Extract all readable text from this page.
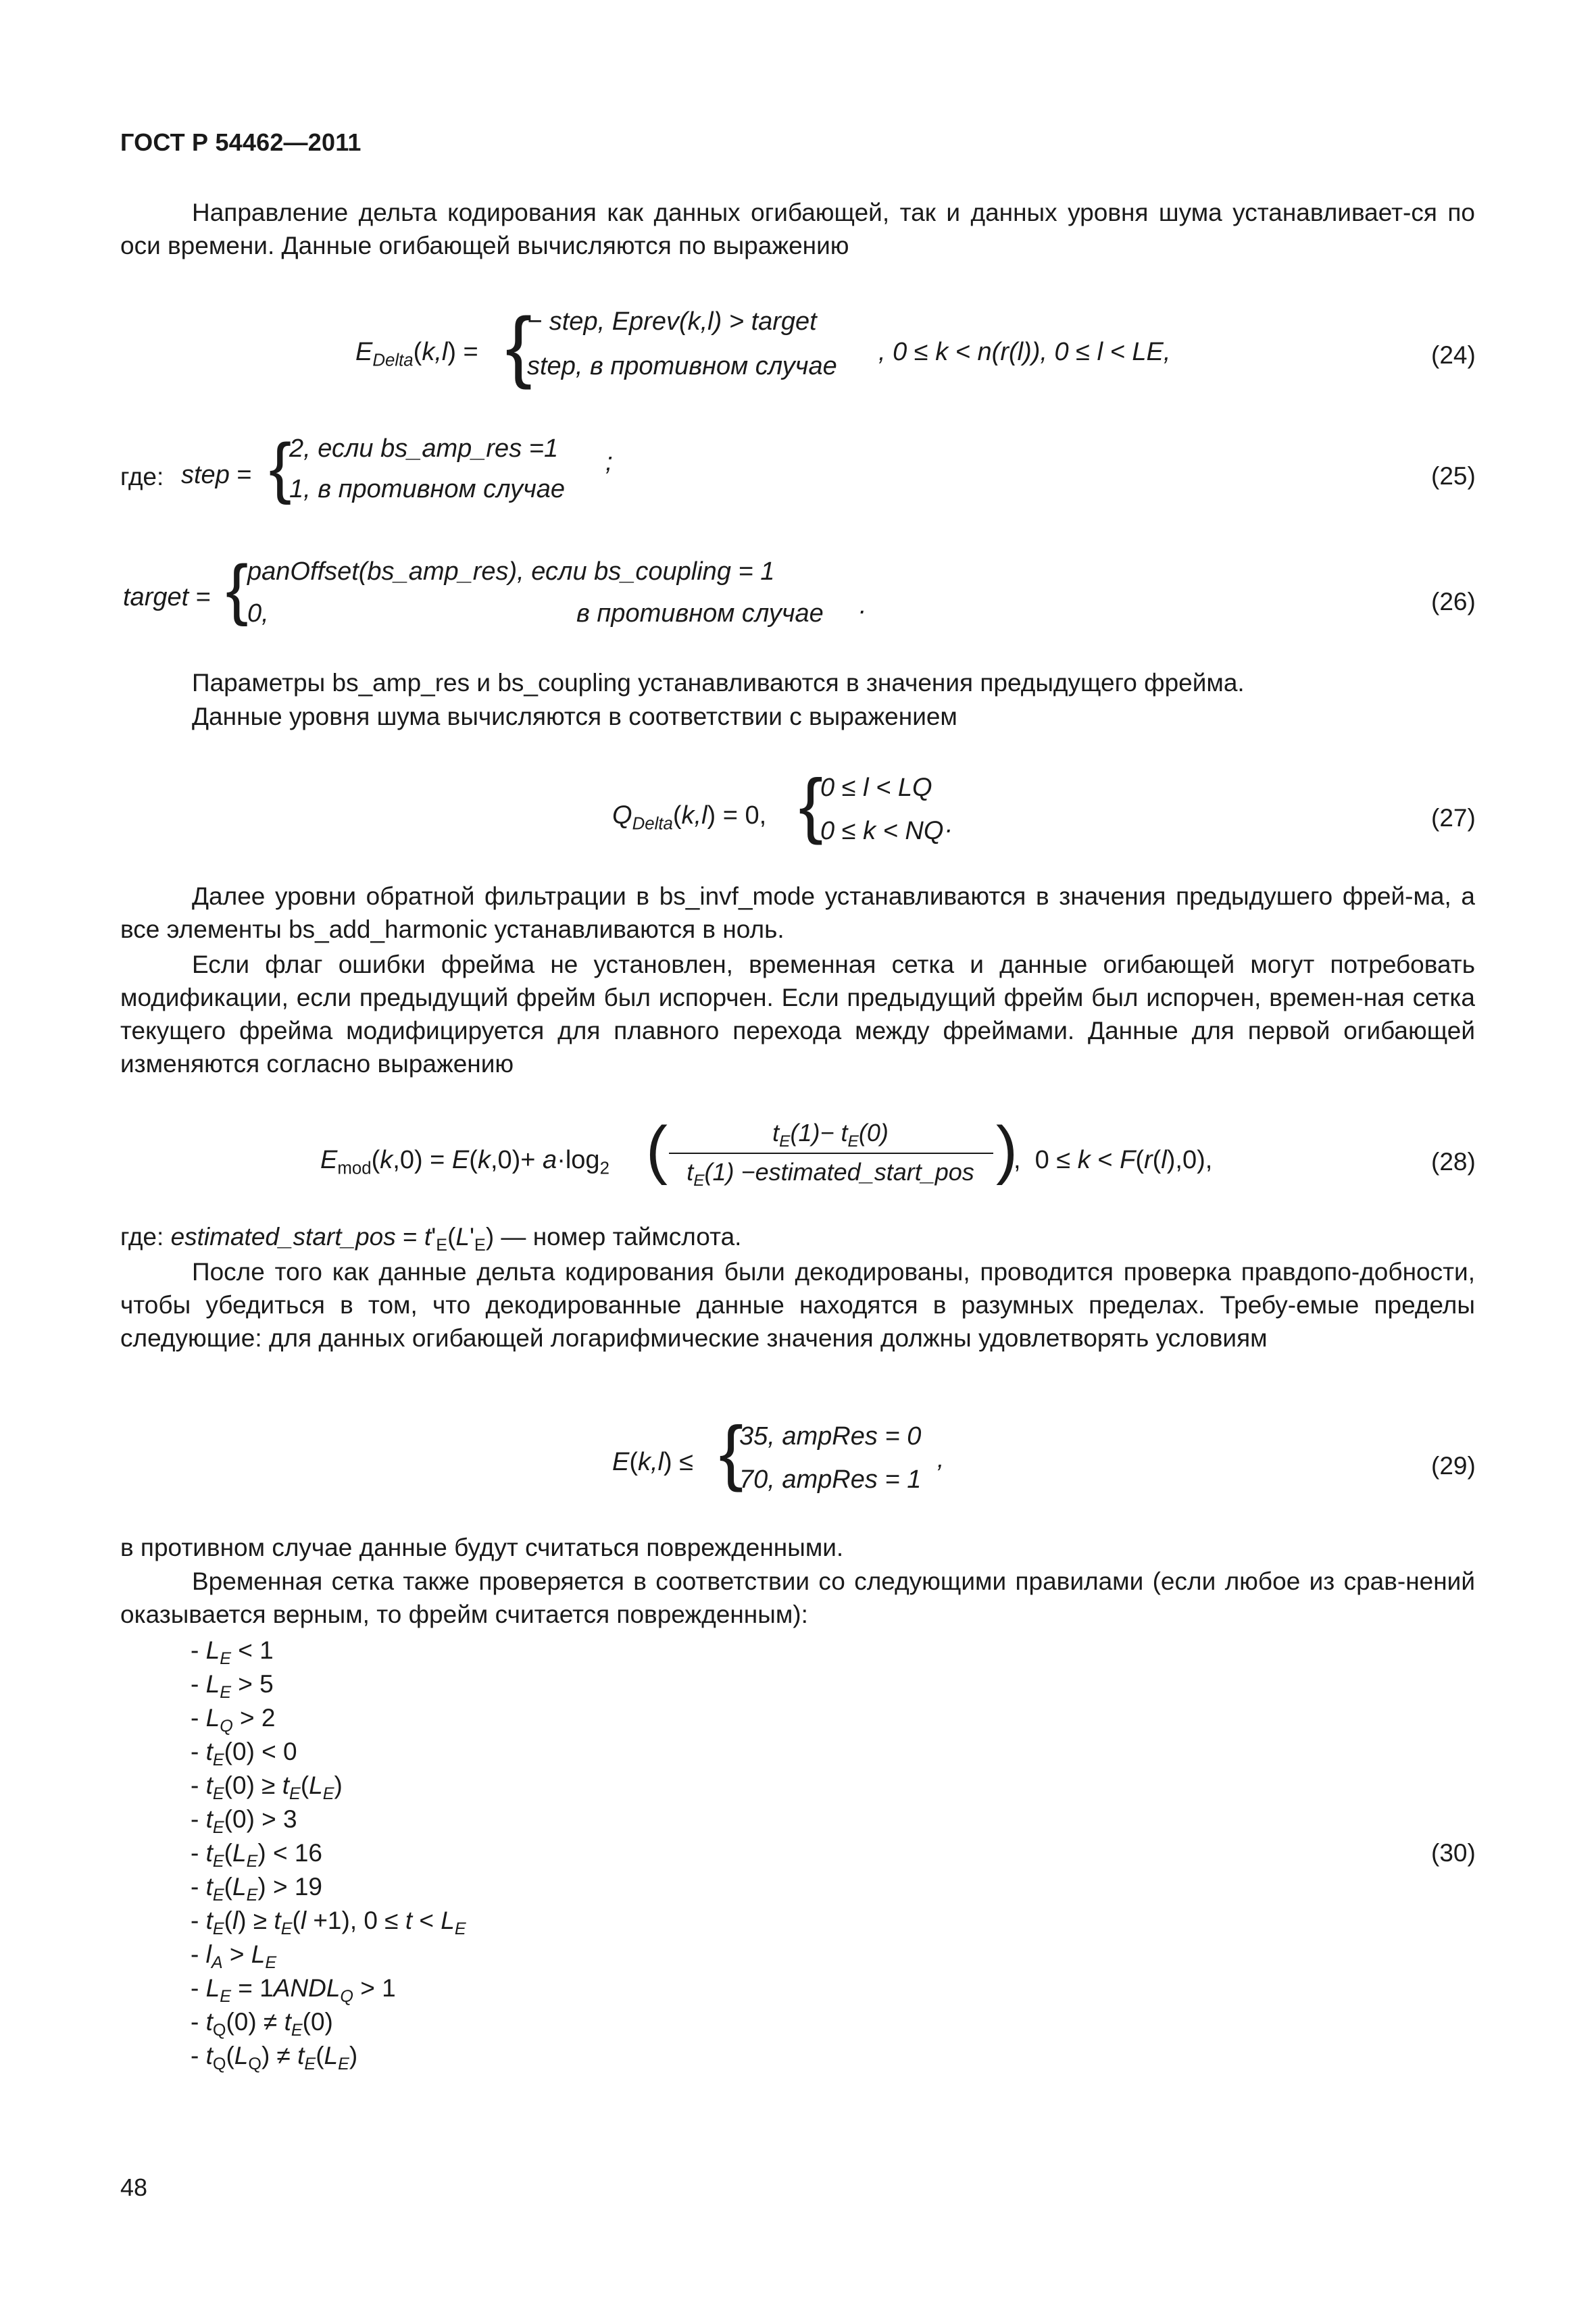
ГОСТ Р 54462—2011
Направление дельта кодирования как данных огибающей, так и данных уровня шума устанавливает-ся по оси времени. Данные огибающей вычисляются по выражению
$E_{Delta}(k,l)$ = {
− step, Eprev(k,l) > target
step, в противном случае , 0 ≤ k < n(r(l)), 0 ≤ l < LE,	(24)
где: step = {
2, если bs_amp_res =1
1, в противном случае
;	(25)
target = {
panOffset(bs_amp_res), если bs_coupling = 1
0,	в противном случае .	(26)
Параметры bs_amp_res и bs_coupling устанавливаются в значения предыдущего фрейма.
Данные уровня шума вычисляются в соответствии с выражением
$Q_{Delta}(k,l) = 0$, {
0 ≤ l < LQ
0 ≤ k < NQ .	(27)
Далее уровни обратной фильтрации в bs_invf_mode устанавливаются в значения предыдушего фрей-ма, а все элементы bs_add_harmonic устанавливаются в ноль.
Если флаг ошибки фрейма не установлен, временная сетка и данные огибающей могут потребовать модификации, если предыдущий фрейм был испорчен. Если предыдущий фрейм был испорчен, времен-ная сетка текущего фрейма модифицируется для плавного перехода между фреймами. Данные для первой огибающей изменяются согласно выражению
$E_{mod}(k,0) = E(k,0)+ a\cdot\log_2$ (	$t_E(1)- t_E(0)$
$t_E(1)$ −estimated_start_pos )
,  0 ≤ k < F(r(l),0),	(28)
где: estimated_start_pos = $t'_E(L'_E)$ — номер таймслота.
После того как данные дельта кодирования были декодированы, проводится проверка правдопо-добности, чтобы убедиться в том, что декодированные данные находятся в разумных пределах. Требу-емые пределы следующие: для данных огибающей логарифмические значения должны удовлетворять условиям
E(k,l) ≤ {
35, ampRes = 0
70, ampRes = 1 ’	(29)
в противном случае данные будут считаться поврежденными.
Временная сетка также проверяется в соответствии со следующими правилами (если любое из срав-нений оказывается верным, то фрейм считается поврежденным):
- $L_E < 1$
- $L_E > 5$
- $L_Q > 2$
- $t_E(0) < 0$
- $t_E(0) \ge t_E(L_E)$
- $t_E(0) > 3$
- $t_E(L_E) < 16$
- $t_E(L_E) > 19$
- $t_E(l) \ge t_E(l +1)$, $0 \le t < L_E$
- $l_A > L_E$
- $L_E$ = $1ANDL_Q > 1$
- $t_Q(0) \ne t_E(0)$
- $t_Q(L_Q) \ne t_E(L_E)$
(30)
48
